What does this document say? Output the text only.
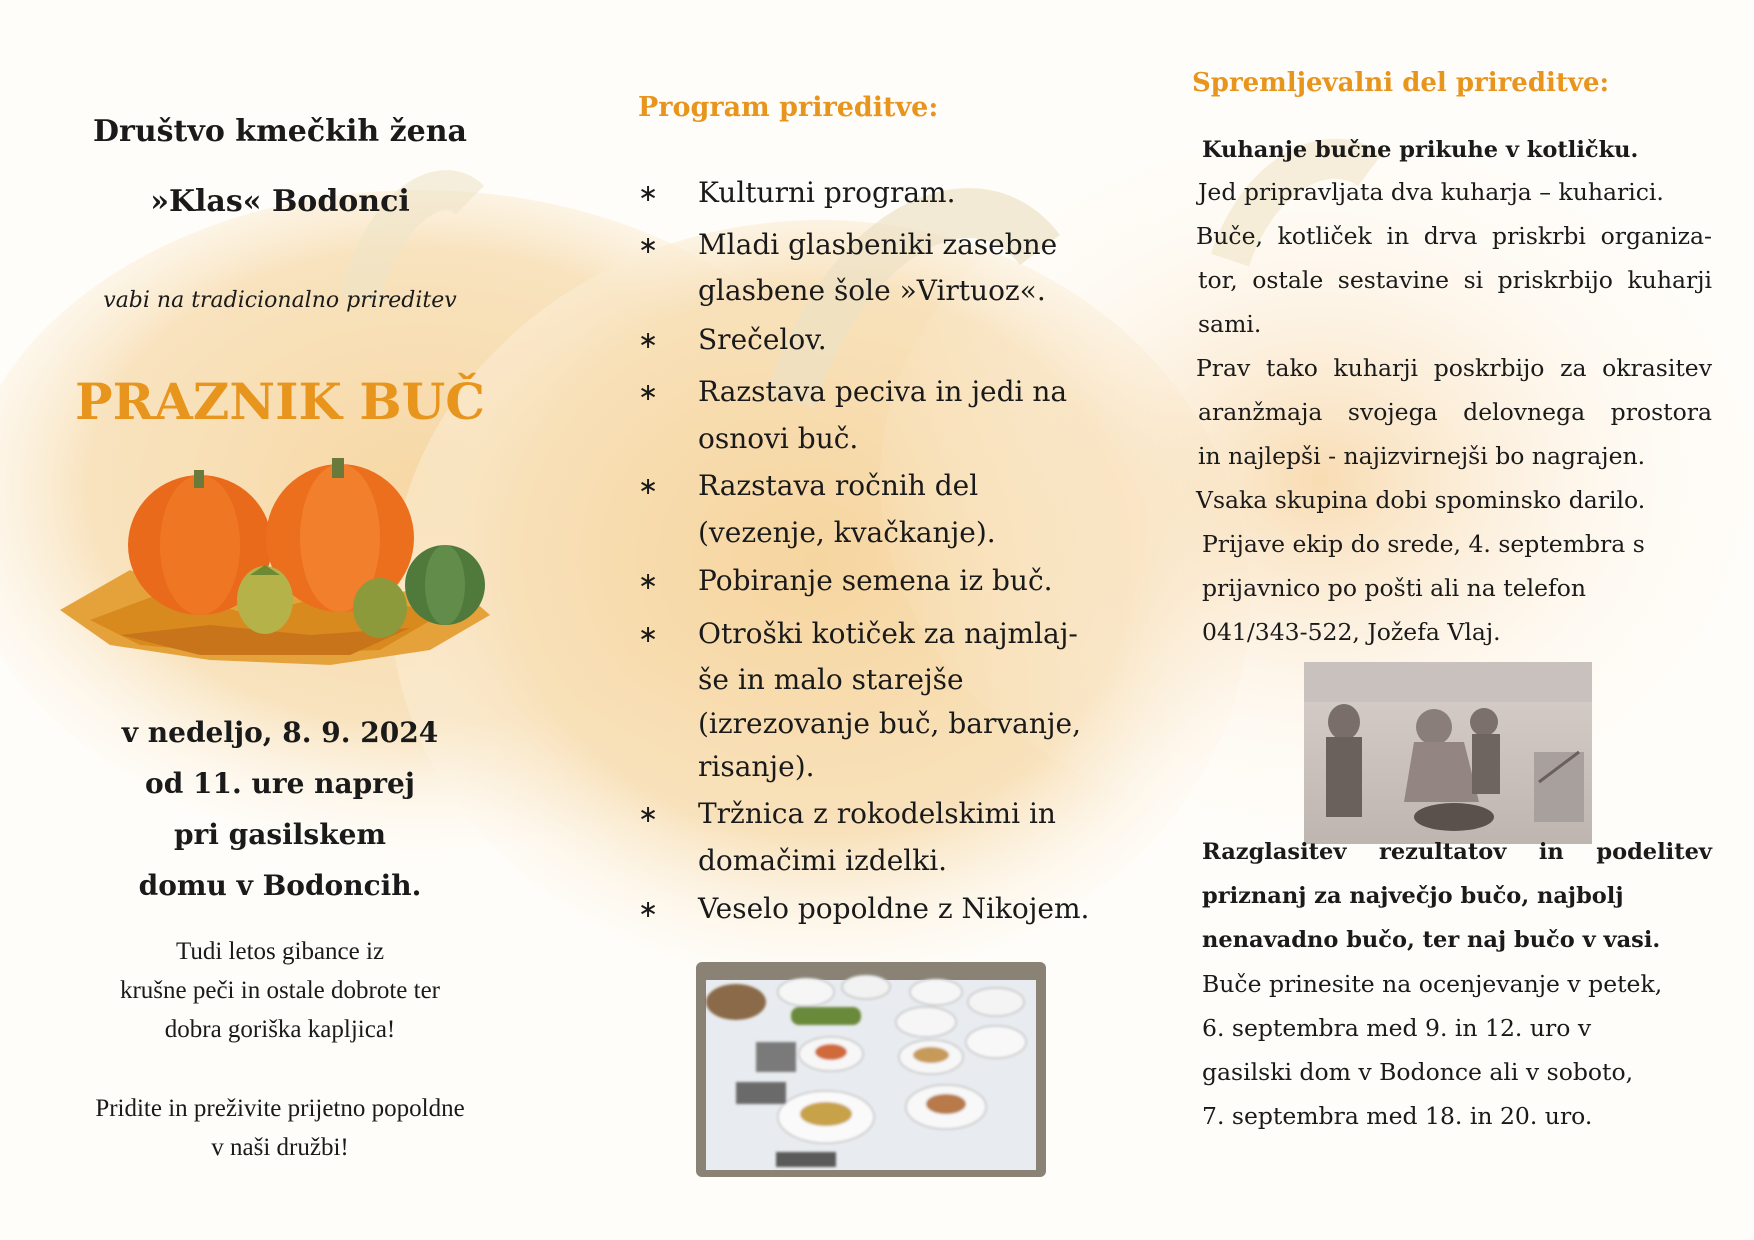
Društvo kmečkih žena
»Klas« Bodonci
vabi na tradicionalno prireditev
PRAZNIK BUČ
v nedeljo, 8. 9. 2024
od 11. ure naprej
pri gasilskem
domu v Bodoncih.
Tudi letos gibance iz
krušne peči in ostale dobrote ter
dobra goriška kapljica!
Pridite in preživite prijetno popoldne
v naši družbi!
Program prireditve:
∗ Kulturni program.
∗ Mladi glasbeniki zasebne
glasbene šole »Virtuoz«.
∗ Srečelov.
∗ Razstava peciva in jedi na
osnovi buč.
∗ Razstava ročnih del
(vezenje, kvačkanje).
∗ Pobiranje semena iz buč.
∗ Otroški kotiček za najmlaj-
še in malo starejše
(izrezovanje buč, barvanje,
risanje).
∗ Tržnica z rokodelskimi in
domačimi izdelki.
∗ Veselo popoldne z Nikojem.
Spremljevalni del prireditve:
Kuhanje bučne prikuhe v kotličku.
Jed pripravljata dva kuharja – kuharici.
Buče, kotliček in drva priskrbi organiza-
tor, ostale sestavine si priskrbijo kuharji
sami.
Prav tako kuharji poskrbijo za okrasitev
aranžmaja svojega delovnega prostora
in najlepši - najizvirnejši bo nagrajen.
Vsaka skupina dobi spominsko darilo.
Prijave ekip do srede, 4. septembra s
prijavnico po pošti ali na telefon
041/343-522, Jožefa Vlaj.
Razglasitev rezultatov in podelitev
priznanj za največjo bučo, najbolj
nenavadno bučo, ter naj bučo v vasi.
Buče prinesite na ocenjevanje v petek,
6. septembra med 9. in 12. uro v
gasilski dom v Bodonce ali v soboto,
7. septembra med 18. in 20. uro.
